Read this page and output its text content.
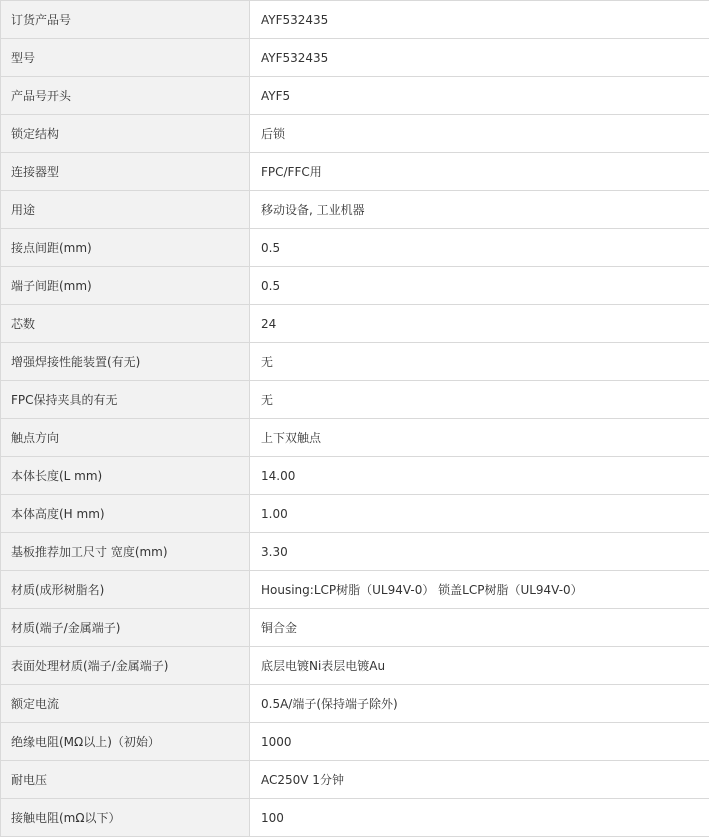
订货产品号	AYF532435
型号	AYF532435
产品号开头	AYF5
锁定结构	后锁
连接器型	FPC/FFC用
用途	移动设备, 工业机器
接点间距(mm)	0.5
端子间距(mm)	0.5
芯数	24
增强焊接性能装置(有无)	无
FPC保持夹具的有无	无
触点方向	上下双触点
本体长度(L mm)	14.00
本体高度(H mm)	1.00
基板推荐加工尺寸 宽度(mm)	3.30
材质(成形树脂名)	Housing:LCP树脂（UL94V-0） 锁盖LCP树脂（UL94V-0）
材质(端子/金属端子)	铜合金
表面处理材质(端子/金属端子)	底层电镀Ni表层电镀Au
额定电流	0.5A/端子(保持端子除外)
绝缘电阻(MΩ以上)（初始）	1000
耐电压	AC250V 1分钟
接触电阻(mΩ以下）	100
